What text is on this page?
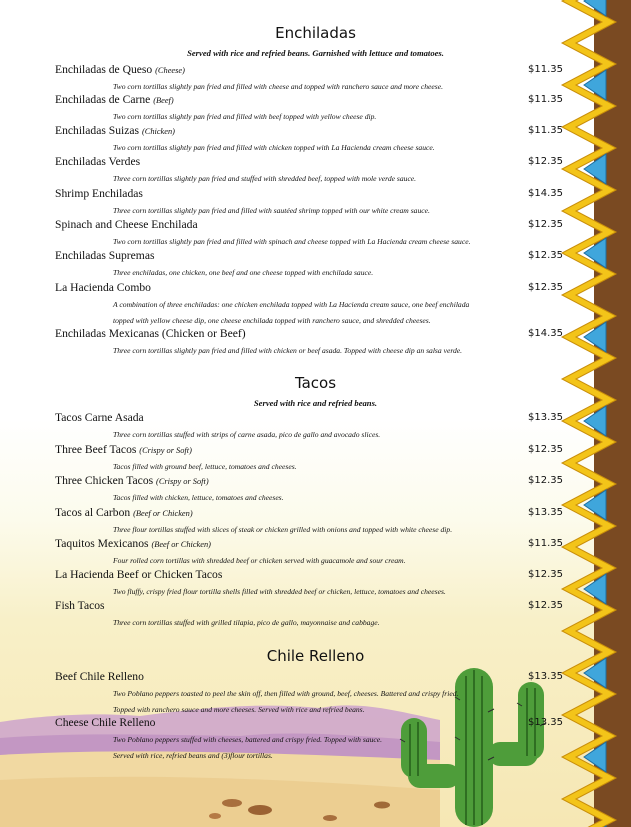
Enchiladas
Served with rice and refried beans. Garnished with lettuce and tomatoes.
Enchiladas de Queso (Cheese)	$11.35
Two corn tortillas slightly pan fried and filled with cheese and topped with ranchero sauce and more cheese.
Enchiladas de Carne (Beef)	$11.35
Two corn tortillas slightly pan fried and filled with beef topped with yellow cheese dip.
Enchiladas Suizas (Chicken)	$11.35
Two corn tortillas slightly pan fried and filled with chicken topped with La Hacienda cream cheese sauce.
Enchiladas Verdes	$12.35
Three corn tortillas slightly pan fried and stuffed with shredded beef, topped with mole verde sauce.
Shrimp Enchiladas	$14.35
Three corn tortillas slightly pan fried and filled with sautéed shrimp topped with our white cream sauce.
Spinach and Cheese Enchilada	$12.35
Two corn tortillas slightly pan fried and filled with spinach and cheese topped with La Hacienda cream cheese sauce.
Enchiladas Supremas	$12.35
Three enchiladas, one chicken, one beef and one cheese topped with enchilada sauce.
La Hacienda Combo	$12.35
A combination of three enchiladas: one chicken enchilada topped with La Hacienda cream sauce, one beef enchilada
topped with yellow cheese dip, one cheese enchilada topped with ranchero sauce, and shredded cheeses.
Enchiladas Mexicanas (Chicken or Beef)	$14.35
Three corn tortillas slightly pan fried and filled with chicken or beef asada. Topped with cheese dip an salsa verde.
Tacos
Served with rice and refried beans.
Tacos Carne Asada	$13.35
Three corn tortillas stuffed with strips of carne asada, pico de gallo and avocado slices.
Three Beef Tacos (Crispy or Soft)	$12.35
Tacos filled with ground beef, lettuce, tomatoes and cheeses.
Three Chicken Tacos (Crispy or Soft)	$12.35
Tacos filled with chicken, lettuce, tomatoes and cheeses.
Tacos al Carbon (Beef or Chicken)	$13.35
Three flour tortillas stuffed with slices of steak or chicken grilled with onions and topped with white cheese dip.
Taquitos Mexicanos (Beef or Chicken)	$11.35
Four rolled corn tortillas with shredded beef or chicken served with guacamole and sour cream.
La Hacienda Beef or Chicken Tacos	$12.35
Two fluffy, crispy fried flour tortilla shells filled with shredded beef or chicken, lettuce, tomatoes and cheeses.
Fish Tacos	$12.35
Three corn tortillas stuffed with grilled tilapia, pico de gallo, mayonnaise and cabbage.
Chile Relleno
Beef Chile Relleno	$13.35
Two Poblano peppers toasted to peel the skin off, then filled with ground, beef, cheeses. Battered and crispy fried.
Topped with ranchero sauce and more cheeses. Served with rice and refried beans.
Cheese Chile Relleno	$13.35
Two Poblano peppers stuffed with cheeses, battered and crispy fried. Topped with sauce.
Served with rice, refried beans and (3)flour tortillas.
